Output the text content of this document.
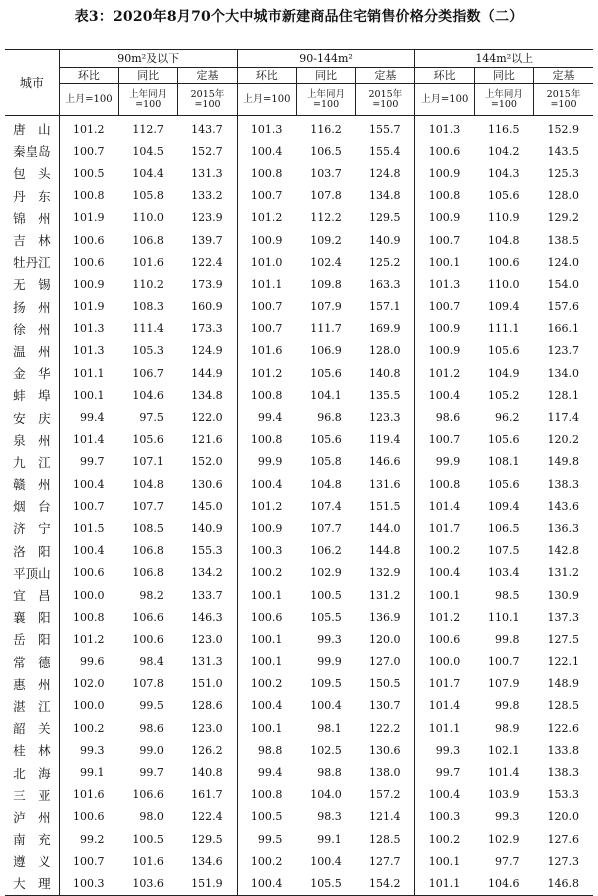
表3：2020年8月70个大中城市新建商品住宅销售价格分类指数（二）
城市	90m²及以下			90-144m²			144m²以上		
	环比	同比	定基	环比	同比	定基	环比	同比	定基
	上月=100	上年同月=100	2015年=100	上月=100	上年同月=100	2015年=100	上月=100	上年同月=100	2015年=100
唐　山	101.2	112.7	143.7	101.3	116.2	155.7	101.3	116.5	152.9
秦皇岛	100.7	104.5	152.7	100.4	106.5	155.4	100.6	104.2	143.5
包　头	100.5	104.4	131.3	100.8	103.7	124.8	100.9	104.3	125.3
丹　东	100.8	105.8	133.2	100.7	107.8	134.8	100.8	105.6	128.0
锦　州	101.9	110.0	123.9	101.2	112.2	129.5	100.9	110.9	129.2
吉　林	100.6	106.8	139.7	100.9	109.2	140.9	100.7	104.8	138.5
牡丹江	100.6	101.6	122.4	101.0	102.4	125.2	100.1	100.6	124.0
无　锡	100.9	110.2	173.9	101.1	109.8	163.3	101.3	110.0	154.0
扬　州	101.9	108.3	160.9	100.7	107.9	157.1	100.7	109.4	157.6
徐　州	101.3	111.4	173.3	100.7	111.7	169.9	100.9	111.1	166.1
温　州	101.3	105.3	124.9	101.6	106.9	128.0	100.9	105.6	123.7
金　华	101.1	106.7	144.9	101.2	105.6	140.8	101.2	104.9	134.0
蚌　埠	100.1	104.6	134.8	100.8	104.1	135.5	100.4	105.2	128.1
安　庆	99.4	97.5	122.0	99.4	96.8	123.3	98.6	96.2	117.4
泉　州	101.4	105.6	121.6	100.8	105.6	119.4	100.7	105.6	120.2
九　江	99.7	107.1	152.0	99.9	105.8	146.6	99.9	108.1	149.8
赣　州	100.4	104.8	130.6	100.4	104.8	131.6	100.8	105.6	138.3
烟　台	100.7	107.7	145.0	101.2	107.4	151.5	101.4	109.4	143.6
济　宁	101.5	108.5	140.9	100.9	107.7	144.0	101.7	106.5	136.3
洛　阳	100.4	106.8	155.3	100.3	106.2	144.8	100.2	107.5	142.8
平顶山	100.6	106.8	134.2	100.2	102.9	132.9	100.4	103.4	131.2
宜　昌	100.0	98.2	133.7	100.1	100.5	131.2	100.1	98.5	130.9
襄　阳	100.8	106.6	146.3	100.6	105.5	136.9	101.2	110.1	137.3
岳　阳	101.2	100.6	123.0	100.1	99.3	120.0	100.6	99.8	127.5
常　德	99.6	98.4	131.3	100.1	99.9	127.0	100.0	100.7	122.1
惠　州	102.0	107.8	151.0	100.2	109.5	150.5	101.7	107.9	148.9
湛　江	100.0	99.5	128.6	100.4	100.4	130.7	101.4	99.8	128.5
韶　关	100.2	98.6	123.0	100.1	98.1	122.2	101.1	98.9	122.6
桂　林	99.3	99.0	126.2	98.8	102.5	130.6	99.3	102.1	133.8
北　海	99.1	99.7	140.8	99.4	98.8	138.0	99.7	101.4	138.3
三　亚	101.6	106.6	161.7	100.8	104.0	157.2	100.4	103.9	153.3
泸　州	100.6	98.0	122.4	100.5	98.3	121.4	100.3	99.3	120.0
南　充	99.2	100.5	129.5	99.5	99.1	128.5	100.2	102.9	127.6
遵　义	100.7	101.6	134.6	100.2	100.4	127.7	100.1	97.7	127.3
大　理	100.3	103.6	151.9	100.4	105.5	154.2	101.1	104.6	146.8
